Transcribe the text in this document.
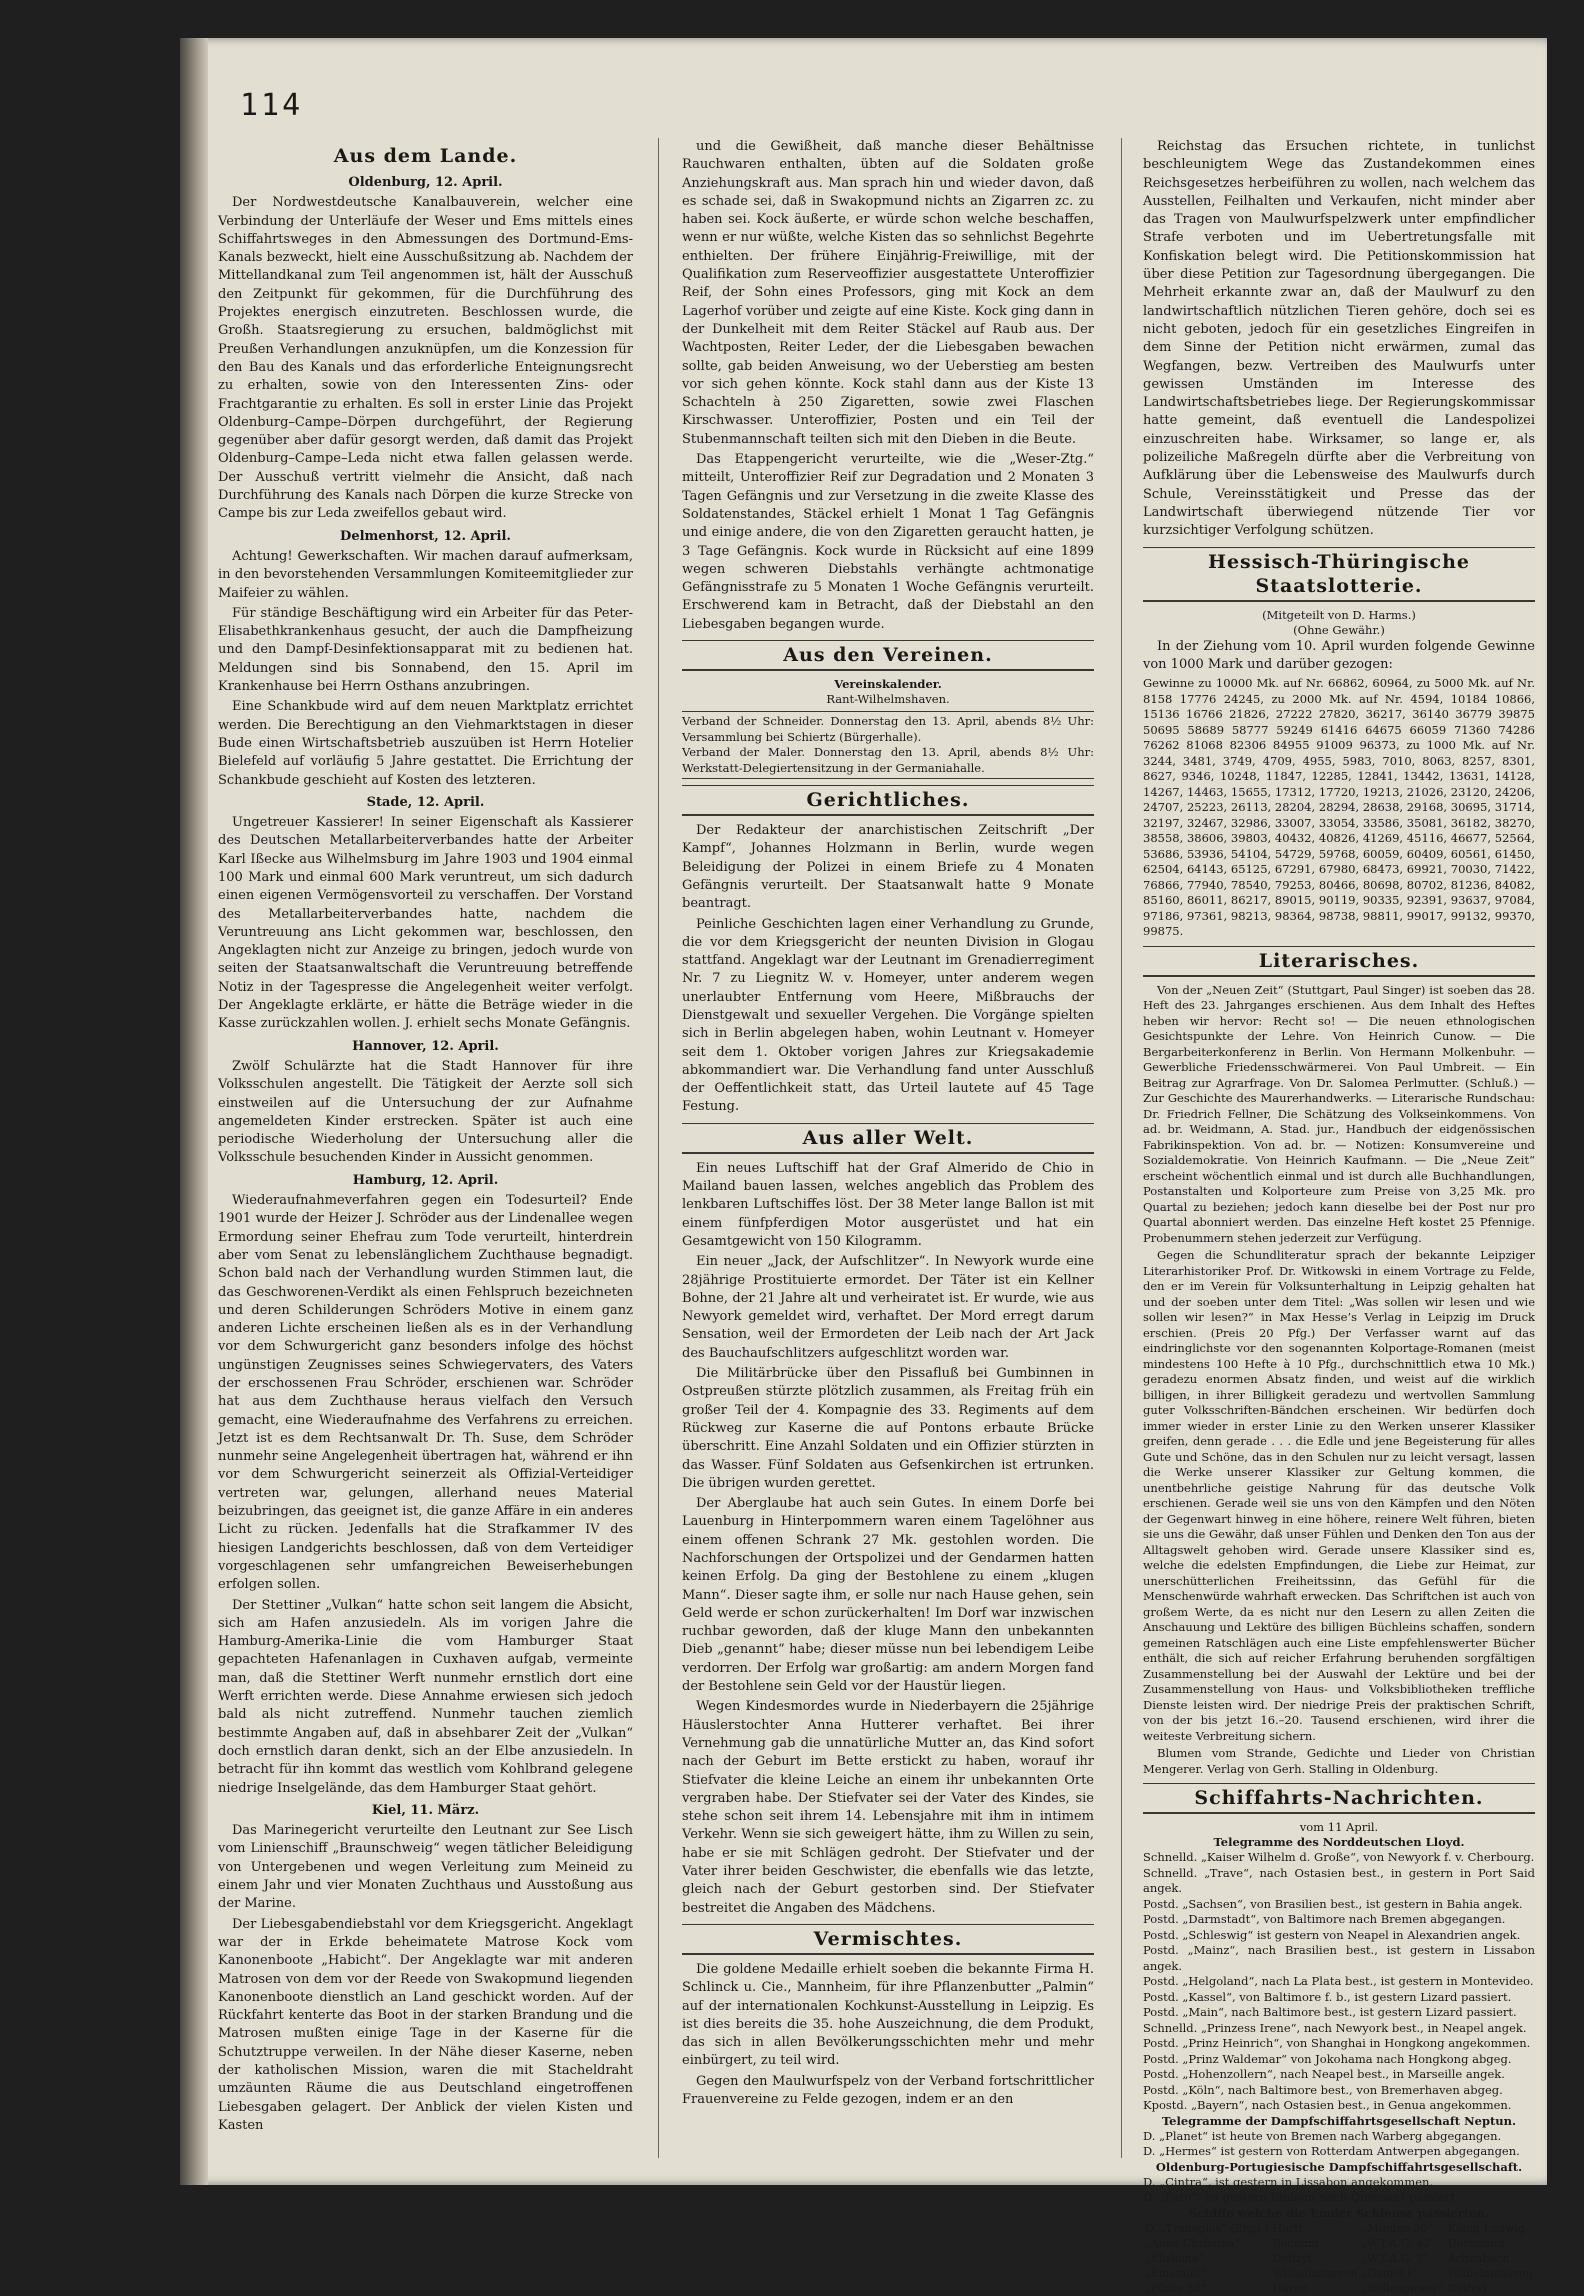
114
Aus dem Lande.
Oldenburg, 12. April.

Der Nordwestdeutsche Kanalbauverein, welcher eine Verbindung der Unterläufe der Weser und Ems mittels eines Schiffahrtsweges in den Abmessungen des Dortmund-Ems-Kanals bezweckt, hielt eine Ausschußsitzung ab. Nachdem der Mittellandkanal zum Teil angenommen ist, hält der Ausschuß den Zeitpunkt für gekommen, für die Durchführung des Projektes energisch einzutreten. Beschlossen wurde, die Großh. Staatsregierung zu ersuchen, baldmöglichst mit Preußen Verhandlungen anzuknüpfen, um die Konzession für den Bau des Kanals und das erforderliche Enteignungsrecht zu erhalten, sowie von den Interessenten Zins- oder Frachtgarantie zu erhalten. Es soll in erster Linie das Projekt Oldenburg–Campe–Dörpen durchgeführt, der Regierung gegenüber aber dafür gesorgt werden, daß damit das Projekt Oldenburg–Campe–Leda nicht etwa fallen gelassen werde. Der Ausschuß vertritt vielmehr die Ansicht, daß nach Durchführung des Kanals nach Dörpen die kurze Strecke von Campe bis zur Leda zweifellos gebaut wird.

Delmenhorst, 12. April.

Achtung! Gewerkschaften. Wir machen darauf aufmerksam, in den bevorstehenden Versammlungen Komiteemitglieder zur Maifeier zu wählen.

Für ständige Beschäftigung wird ein Arbeiter für das Peter-Elisabethkrankenhaus gesucht, der auch die Dampfheizung und den Dampf-Desinfektionsapparat mit zu bedienen hat. Meldungen sind bis Sonnabend, den 15. April im Krankenhause bei Herrn Osthans anzubringen.

Eine Schankbude wird auf dem neuen Marktplatz errichtet werden. Die Berechtigung an den Viehmarktstagen in dieser Bude einen Wirtschaftsbetrieb auszuüben ist Herrn Hotelier Bielefeld auf vorläufig 5 Jahre gestattet. Die Errichtung der Schankbude geschieht auf Kosten des letzteren.

Stade, 12. April.

Ungetreuer Kassierer! In seiner Eigenschaft als Kassierer des Deutschen Metallarbeiterverbandes hatte der Arbeiter Karl Ißecke aus Wilhelmsburg im Jahre 1903 und 1904 einmal 100 Mark und einmal 600 Mark veruntreut, um sich dadurch einen eigenen Vermögensvorteil zu verschaffen. Der Vorstand des Metallarbeiterverbandes hatte, nachdem die Veruntreuung ans Licht gekommen war, beschlossen, den Angeklagten nicht zur Anzeige zu bringen, jedoch wurde von seiten der Staatsanwaltschaft die Veruntreuung betreffende Notiz in der Tagespresse die Angelegenheit weiter verfolgt. Der Angeklagte erklärte, er hätte die Beträge wieder in die Kasse zurückzahlen wollen. J. erhielt sechs Monate Gefängnis.

Hannover, 12. April.

Zwölf Schulärzte hat die Stadt Hannover für ihre Volksschulen angestellt. Die Tätigkeit der Aerzte soll sich einstweilen auf die Untersuchung der zur Aufnahme angemeldeten Kinder erstrecken. Später ist auch eine periodische Wiederholung der Untersuchung aller die Volksschule besuchenden Kinder in Aussicht genommen.

Hamburg, 12. April.

Wiederaufnahmeverfahren gegen ein Todesurteil? Ende 1901 wurde der Heizer J. Schröder aus der Lindenallee wegen Ermordung seiner Ehefrau zum Tode verurteilt, hinterdrein aber vom Senat zu lebenslänglichem Zuchthause begnadigt. Schon bald nach der Verhandlung wurden Stimmen laut, die das Geschworenen-Verdikt als einen Fehlspruch bezeichneten und deren Schilderungen Schröders Motive in einem ganz anderen Lichte erscheinen ließen als es in der Verhandlung vor dem Schwurgericht ganz besonders infolge des höchst ungünstigen Zeugnisses seines Schwiegervaters, des Vaters der erschossenen Frau Schröder, erschienen war. Schröder hat aus dem Zuchthause heraus vielfach den Versuch gemacht, eine Wiederaufnahme des Verfahrens zu erreichen. Jetzt ist es dem Rechtsanwalt Dr. Th. Suse, dem Schröder nunmehr seine Angelegenheit übertragen hat, während er ihn vor dem Schwurgericht seinerzeit als Offizial-Verteidiger vertreten war, gelungen, allerhand neues Material beizubringen, das geeignet ist, die ganze Affäre in ein anderes Licht zu rücken. Jedenfalls hat die Strafkammer IV des hiesigen Landgerichts beschlossen, daß von dem Verteidiger vorgeschlagenen sehr umfangreichen Beweiserhebungen erfolgen sollen.

Der Stettiner „Vulkan“ hatte schon seit langem die Absicht, sich am Hafen anzusiedeln. Als im vorigen Jahre die Hamburg-Amerika-Linie die vom Hamburger Staat gepachteten Hafenanlagen in Cuxhaven aufgab, vermeinte man, daß die Stettiner Werft nunmehr ernstlich dort eine Werft errichten werde. Diese Annahme erwiesen sich jedoch bald als nicht zutreffend. Nunmehr tauchen ziemlich bestimmte Angaben auf, daß in absehbarer Zeit der „Vulkan“ doch ernstlich daran denkt, sich an der Elbe anzusiedeln. In betracht für ihn kommt das westlich vom Kohlbrand gelegene niedrige Inselgelände, das dem Hamburger Staat gehört.

Kiel, 11. März.

Das Marinegericht verurteilte den Leutnant zur See Lisch vom Linienschiff „Braunschweig“ wegen tätlicher Beleidigung von Untergebenen und wegen Verleitung zum Meineid zu einem Jahr und vier Monaten Zuchthaus und Ausstoßung aus der Marine.

Der Liebesgabendiebstahl vor dem Kriegsgericht. Angeklagt war der in Erkde beheimatete Matrose Kock vom Kanonenboote „Habicht“. Der Angeklagte war mit anderen Matrosen von dem vor der Reede von Swakopmund liegenden Kanonenboote dienstlich an Land geschickt worden. Auf der Rückfahrt kenterte das Boot in der starken Brandung und die Matrosen mußten einige Tage in der Kaserne für die Schutztruppe verweilen. In der Nähe dieser Kaserne, neben der katholischen Mission, waren die mit Stacheldraht umzäunten Räume die aus Deutschland eingetroffenen Liebesgaben gelagert. Der Anblick der vielen Kisten und Kasten

und die Gewißheit, daß manche dieser Behältnisse Rauchwaren enthalten, übten auf die Soldaten große Anziehungskraft aus. Man sprach hin und wieder davon, daß es schade sei, daß in Swakopmund nichts an Zigarren zc. zu haben sei. Kock äußerte, er würde schon welche beschaffen, wenn er nur wüßte, welche Kisten das so sehnlichst Begehrte enthielten. Der frühere Einjährig-Freiwillige, mit der Qualifikation zum Reserveoffizier ausgestattete Unteroffizier Reif, der Sohn eines Professors, ging mit Kock an dem Lagerhof vorüber und zeigte auf eine Kiste. Kock ging dann in der Dunkelheit mit dem Reiter Stäckel auf Raub aus. Der Wachtposten, Reiter Leder, der die Liebesgaben bewachen sollte, gab beiden Anweisung, wo der Ueberstieg am besten vor sich gehen könnte. Kock stahl dann aus der Kiste 13 Schachteln à 250 Zigaretten, sowie zwei Flaschen Kirschwasser. Unteroffizier, Posten und ein Teil der Stubenmannschaft teilten sich mit den Dieben in die Beute.

Das Etappengericht verurteilte, wie die „Weser-Ztg.“ mitteilt, Unteroffizier Reif zur Degradation und 2 Monaten 3 Tagen Gefängnis und zur Versetzung in die zweite Klasse des Soldatenstandes, Stäckel erhielt 1 Monat 1 Tag Gefängnis und einige andere, die von den Zigaretten geraucht hatten, je 3 Tage Gefängnis. Kock wurde in Rücksicht auf eine 1899 wegen schweren Diebstahls verhängte achtmonatige Gefängnisstrafe zu 5 Monaten 1 Woche Gefängnis verurteilt. Erschwerend kam in Betracht, daß der Diebstahl an den Liebesgaben begangen wurde.

Aus den Vereinen.

Vereinskalender.

Rant-Wilhelmshaven.

Verband der Schneider. Donnerstag den 13. April, abends 8½ Uhr: Versammlung bei Schiertz (Bürgerhalle).

Verband der Maler. Donnerstag den 13. April, abends 8½ Uhr: Werkstatt-Delegiertensitzung in der Germaniahalle.

Gerichtliches.

Der Redakteur der anarchistischen Zeitschrift „Der Kampf“, Johannes Holzmann in Berlin, wurde wegen Beleidigung der Polizei in einem Briefe zu 4 Monaten Gefängnis verurteilt. Der Staatsanwalt hatte 9 Monate beantragt.

Peinliche Geschichten lagen einer Verhandlung zu Grunde, die vor dem Kriegsgericht der neunten Division in Glogau stattfand. Angeklagt war der Leutnant im Grenadierregiment Nr. 7 zu Liegnitz W. v. Homeyer, unter anderem wegen unerlaubter Entfernung vom Heere, Mißbrauchs der Dienstgewalt und sexueller Vergehen. Die Vorgänge spielten sich in Berlin abgelegen haben, wohin Leutnant v. Homeyer seit dem 1. Oktober vorigen Jahres zur Kriegsakademie abkommandiert war. Die Verhandlung fand unter Ausschluß der Oeffentlichkeit statt, das Urteil lautete auf 45 Tage Festung.

Aus aller Welt.

Ein neues Luftschiff hat der Graf Almerido de Chio in Mailand bauen lassen, welches angeblich das Problem des lenkbaren Luftschiffes löst. Der 38 Meter lange Ballon ist mit einem fünfpferdigen Motor ausgerüstet und hat ein Gesamtgewicht von 150 Kilogramm.

Ein neuer „Jack, der Aufschlitzer“. In Newyork wurde eine 28jährige Prostituierte ermordet. Der Täter ist ein Kellner Bohne, der 21 Jahre alt und verheiratet ist. Er wurde, wie aus Newyork gemeldet wird, verhaftet. Der Mord erregt darum Sensation, weil der Ermordeten der Leib nach der Art Jack des Bauchaufschlitzers aufgeschlitzt worden war.

Die Militärbrücke über den Pissafluß bei Gumbinnen in Ostpreußen stürzte plötzlich zusammen, als Freitag früh ein großer Teil der 4. Kompagnie des 33. Regiments auf dem Rückweg zur Kaserne die auf Pontons erbaute Brücke überschritt. Eine Anzahl Soldaten und ein Offizier stürzten in das Wasser. Fünf Soldaten aus Gefsenkirchen ist ertrunken. Die übrigen wurden gerettet.

Der Aberglaube hat auch sein Gutes. In einem Dorfe bei Lauenburg in Hinterpommern waren einem Tagelöhner aus einem offenen Schrank 27 Mk. gestohlen worden. Die Nachforschungen der Ortspolizei und der Gendarmen hatten keinen Erfolg. Da ging der Bestohlene zu einem „klugen Mann“. Dieser sagte ihm, er solle nur nach Hause gehen, sein Geld werde er schon zurückerhalten! Im Dorf war inzwischen ruchbar geworden, daß der kluge Mann den unbekannten Dieb „genannt“ habe; dieser müsse nun bei lebendigem Leibe verdorren. Der Erfolg war großartig: am andern Morgen fand der Bestohlene sein Geld vor der Haustür liegen.

Wegen Kindesmordes wurde in Niederbayern die 25jährige Häuslerstochter Anna Hutterer verhaftet. Bei ihrer Vernehmung gab die unnatürliche Mutter an, das Kind sofort nach der Geburt im Bette erstickt zu haben, worauf ihr Stiefvater die kleine Leiche an einem ihr unbekannten Orte vergraben habe. Der Stiefvater sei der Vater des Kindes, sie stehe schon seit ihrem 14. Lebensjahre mit ihm in intimem Verkehr. Wenn sie sich geweigert hätte, ihm zu Willen zu sein, habe er sie mit Schlägen gedroht. Der Stiefvater und der Vater ihrer beiden Geschwister, die ebenfalls wie das letzte, gleich nach der Geburt gestorben sind. Der Stiefvater bestreitet die Angaben des Mädchens.

Vermischtes.

Die goldene Medaille erhielt soeben die bekannte Firma H. Schlinck u. Cie., Mannheim, für ihre Pflanzenbutter „Palmin“ auf der internationalen Kochkunst-Ausstellung in Leipzig. Es ist dies bereits die 35. hohe Auszeichnung, die dem Produkt, das sich in allen Bevölkerungsschichten mehr und mehr einbürgert, zu teil wird.

Gegen den Maulwurfspelz von der Verband fortschrittlicher Frauenvereine zu Felde gezogen, indem er an den

Reichstag das Ersuchen richtete, in tunlichst beschleunigtem Wege das Zustandekommen eines Reichsgesetzes herbeiführen zu wollen, nach welchem das Ausstellen, Feilhalten und Verkaufen, nicht minder aber das Tragen von Maulwurfspelzwerk unter empfindlicher Strafe verboten und im Uebertretungsfalle mit Konfiskation belegt wird. Die Petitionskommission hat über diese Petition zur Tagesordnung übergegangen. Die Mehrheit erkannte zwar an, daß der Maulwurf zu den landwirtschaftlich nützlichen Tieren gehöre, doch sei es nicht geboten, jedoch für ein gesetzliches Eingreifen in dem Sinne der Petition nicht erwärmen, zumal das Wegfangen, bezw. Vertreiben des Maulwurfs unter gewissen Umständen im Interesse des Landwirtschaftsbetriebes liege. Der Regierungskommissar hatte gemeint, daß eventuell die Landespolizei einzuschreiten habe. Wirksamer, so lange er, als polizeiliche Maßregeln dürfte aber die Verbreitung von Aufklärung über die Lebensweise des Maulwurfs durch Schule, Vereinsstätigkeit und Presse das der Landwirtschaft überwiegend nützende Tier vor kurzsichtiger Verfolgung schützen.

Hessisch-Thüringische Staatslotterie.

(Mitgeteilt von D. Harms.)

(Ohne Gewähr.)

In der Ziehung vom 10. April wurden folgende Gewinne von 1000 Mark und darüber gezogen:

Gewinne zu 10000 Mk. auf Nr. 66862, 60964, zu 5000 Mk. auf Nr. 8158 17776 24245, zu 2000 Mk. auf Nr. 4594, 10184 10866, 15136 16766 21826, 27222 27820, 36217, 36140 36779 39875 50695 58689 58777 59249 61416 64675 66059 71360 74286 76262 81068 82306 84955 91009 96373, zu 1000 Mk. auf Nr. 3244, 3481, 3749, 4709, 4955, 5983, 7010, 8063, 8257, 8301, 8627, 9346, 10248, 11847, 12285, 12841, 13442, 13631, 14128, 14267, 14463, 15655, 17312, 17720, 19213, 21026, 23120, 24206, 24707, 25223, 26113, 28204, 28294, 28638, 29168, 30695, 31714, 32197, 32467, 32986, 33007, 33054, 33586, 35081, 36182, 38270, 38558, 38606, 39803, 40432, 40826, 41269, 45116, 46677, 52564, 53686, 53936, 54104, 54729, 59768, 60059, 60409, 60561, 61450, 62504, 64143, 65125, 67291, 67980, 68473, 69921, 70030, 71422, 76866, 77940, 78540, 79253, 80466, 80698, 80702, 81236, 84082, 85160, 86011, 86217, 89015, 90119, 90335, 92391, 93637, 97084, 97186, 97361, 98213, 98364, 98738, 98811, 99017, 99132, 99370, 99875.

Literarisches.

Von der „Neuen Zeit“ (Stuttgart, Paul Singer) ist soeben das 28. Heft des 23. Jahrganges erschienen. Aus dem Inhalt des Heftes heben wir hervor: Recht so! — Die neuen ethnologischen Gesichtspunkte der Lehre. Von Heinrich Cunow. — Die Bergarbeiterkonferenz in Berlin. Von Hermann Molkenbuhr. — Gewerbliche Friedensschwärmerei. Von Paul Umbreit. — Ein Beitrag zur Agrarfrage. Von Dr. Salomea Perlmutter. (Schluß.) — Zur Geschichte des Maurerhandwerks. — Literarische Rundschau: Dr. Friedrich Fellner, Die Schätzung des Volkseinkommens. Von ad. br. Weidmann, A. Stad. jur., Handbuch der eidgenössischen Fabrikinspektion. Von ad. br. — Notizen: Konsumvereine und Sozialdemokratie. Von Heinrich Kaufmann. — Die „Neue Zeit“ erscheint wöchentlich einmal und ist durch alle Buchhandlungen, Postanstalten und Kolporteure zum Preise von 3,25 Mk. pro Quartal zu beziehen; jedoch kann dieselbe bei der Post nur pro Quartal abonniert werden. Das einzelne Heft kostet 25 Pfennige. Probenummern stehen jederzeit zur Verfügung.

Gegen die Schundliteratur sprach der bekannte Leipziger Literarhistoriker Prof. Dr. Witkowski in einem Vortrage zu Felde, den er im Verein für Volksunterhaltung in Leipzig gehalten hat und der soeben unter dem Titel: „Was sollen wir lesen und wie sollen wir lesen?“ in Max Hesse’s Verlag in Leipzig im Druck erschien. (Preis 20 Pfg.) Der Verfasser warnt auf das eindringlichste vor den sogenannten Kolportage-Romanen (meist mindestens 100 Hefte à 10 Pfg., durchschnittlich etwa 10 Mk.) geradezu enormen Absatz finden, und weist auf die wirklich billigen, in ihrer Billigkeit geradezu und wertvollen Sammlung guter Volksschriften-Bändchen erscheinen. Wir bedürfen doch immer wieder in erster Linie zu den Werken unserer Klassiker greifen, denn gerade . . . die Edle und jene Begeisterung für alles Gute und Schöne, das in den Schulen nur zu leicht versagt, lassen die Werke unserer Klassiker zur Geltung kommen, die unentbehrliche geistige Nahrung für das deutsche Volk erschienen. Gerade weil sie uns von den Kämpfen und den Nöten der Gegenwart hinweg in eine höhere, reinere Welt führen, bieten sie uns die Gewähr, daß unser Fühlen und Denken den Ton aus der Alltagswelt gehoben wird. Gerade unsere Klassiker sind es, welche die edelsten Empfindungen, die Liebe zur Heimat, zur unerschütterlichen Freiheitssinn, das Gefühl für die Menschenwürde wahrhaft erwecken. Das Schriftchen ist auch von großem Werte, da es nicht nur den Lesern zu allen Zeiten die Anschauung und Lektüre des billigen Büchleins schaffen, sondern gemeinen Ratschlägen auch eine Liste empfehlenswerter Bücher enthält, die sich auf reicher Erfahrung beruhenden sorgfältigen Zusammenstellung bei der Auswahl der Lektüre und bei der Zusammenstellung von Haus- und Volksbibliotheken treffliche Dienste leisten wird. Der niedrige Preis der praktischen Schrift, von der bis jetzt 16.–20. Tausend erschienen, wird ihrer die weiteste Verbreitung sichern.

Blumen vom Strande, Gedichte und Lieder von Christian Mengerer. Verlag von Gerh. Stalling in Oldenburg.

Schiffahrts-Nachrichten.

vom 11 April.

Telegramme des Norddeutschen Lloyd.

Schnelld. „Kaiser Wilhelm d. Große“, von Newyork f. v. Cherbourg.
Schnelld. „Trave“, nach Ostasien best., in gestern in Port Said angek.
Postd. „Sachsen“, von Brasilien best., ist gestern in Bahia angek.
Postd. „Darmstadt“, von Baltimore nach Bremen abgegangen.
Postd. „Schleswig“ ist gestern von Neapel in Alexandrien angek.
Postd. „Mainz“, nach Brasilien best., ist gestern in Lissabon angek.
Postd. „Helgoland“, nach La Plata best., ist gestern in Montevideo.
Postd. „Kassel“, von Baltimore f. b., ist gestern Lizard passiert.
Postd. „Main“, nach Baltimore best., ist gestern Lizard passiert.
Schnelld. „Prinzess Irene“, nach Newyork best., in Neapel angek.
Postd. „Prinz Heinrich“, von Shanghai in Hongkong angekommen.
Postd. „Prinz Waldemar“ von Jokohama nach Hongkong abgeg.
Postd. „Hohenzollern“, nach Neapel best., in Marseille angek.
Postd. „Köln“, nach Baltimore best., von Bremerhaven abgeg.
Kpostd. „Bayern“, nach Ostasien best., in Genua angekommen.

Telegramme der Dampfschiffahrtsgesellschaft Neptun.

D. „Planet“ ist heute von Bremen nach Warberg abgegangen.
D. „Hermes“ ist gestern von Rotterdam Antwerpen abgegangen.

Oldenburg-Portugiesische Dampfschiffahrtsgesellschaft.

D. „Cintra“, ist gestern in Lissabon angekommen.
D. „Faro“, ist gestern Einbom nach Quessant passiert.

Schiffe welche die Emder Schleuse passierten.

D. „Treneglos“ (Engl.)	Hartl	„Minden 30“	König Ludwig
„Anna Christina“	Bochum	„W.T.A.G. 42“	Dortmund
„Elisleina“	Delfzyl	„W.T.A.G. 7“	Achenbach
„Emanuel“	Wilhelmshaven	„Daniel I“	Wilhelmshaven
„Pünte 38“	Haren	„Rollengewer“	Delfzyl
